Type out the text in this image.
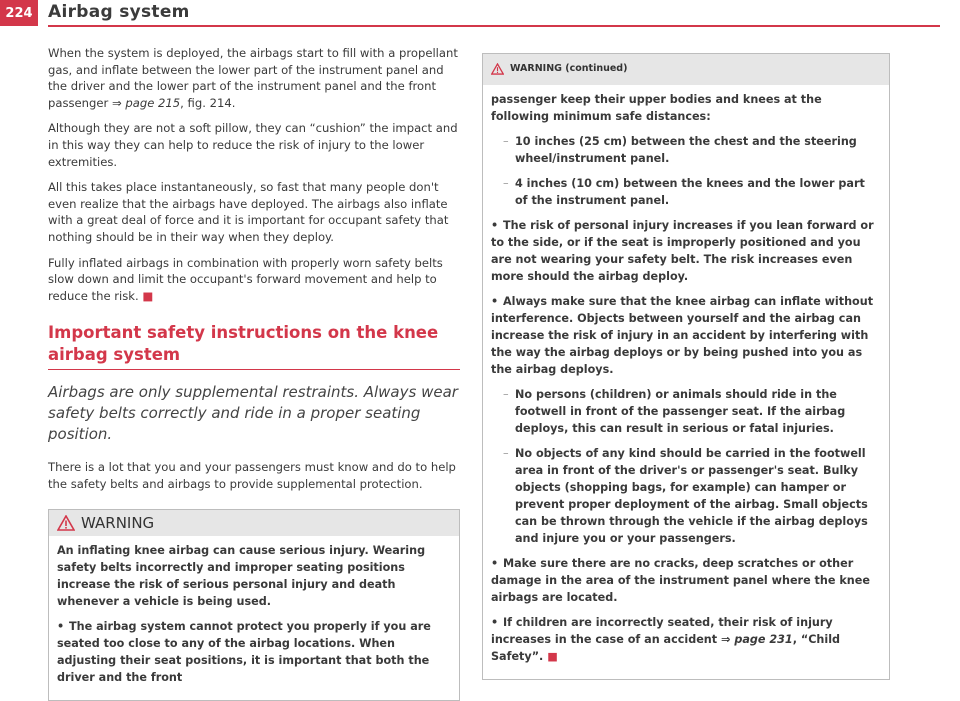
224 Airbag system

When the system is deployed, the airbags start to fill with a propellant gas, and inflate between the lower part of the instrument panel and the driver and the lower part of the instrument panel and the front passenger ⇒ page 215, fig. 214.

Although they are not a soft pillow, they can “cushion” the impact and in this way they can help to reduce the risk of injury to the lower extremities.

All this takes place instantaneously, so fast that many people don't even realize that the airbags have deployed. The airbags also inflate with a great deal of force and it is important for occupant safety that nothing should be in their way when they deploy.

Fully inflated airbags in combination with properly worn safety belts slow down and limit the occupant's forward movement and help to reduce the risk. ■

Important safety instructions on the knee airbag system
Airbags are only supplemental restraints. Always wear safety belts correctly and ride in a proper seating position.

There is a lot that you and your passengers must know and do to help the safety belts and airbags to provide supplemental protection.

WARNING

An inflating knee airbag can cause serious injury. Wearing safety belts incorrectly and improper seating positions increase the risk of serious personal injury and death whenever a vehicle is being used.

• The airbag system cannot protect you properly if you are seated too close to any of the airbag locations. When adjusting their seat positions, it is important that both the driver and the front

WARNING (continued)

passenger keep their upper bodies and knees at the following minimum safe distances:

– 10 inches (25 cm) between the chest and the steering wheel/instrument panel.

– 4 inches (10 cm) between the knees and the lower part of the instrument panel.

• The risk of personal injury increases if you lean forward or to the side, or if the seat is improperly positioned and you are not wearing your safety belt. The risk increases even more should the airbag deploy.

• Always make sure that the knee airbag can inflate without interference. Objects between yourself and the airbag can increase the risk of injury in an accident by interfering with the way the airbag deploys or by being pushed into you as the airbag deploys.

– No persons (children) or animals should ride in the footwell in front of the passenger seat. If the airbag deploys, this can result in serious or fatal injuries.

– No objects of any kind should be carried in the footwell area in front of the driver's or passenger's seat. Bulky objects (shopping bags, for example) can hamper or prevent proper deployment of the airbag. Small objects can be thrown through the vehicle if the airbag deploys and injure you or your passengers.

• Make sure there are no cracks, deep scratches or other damage in the area of the instrument panel where the knee airbags are located.

• If children are incorrectly seated, their risk of injury increases in the case of an accident ⇒ page 231, “Child Safety”. ■
